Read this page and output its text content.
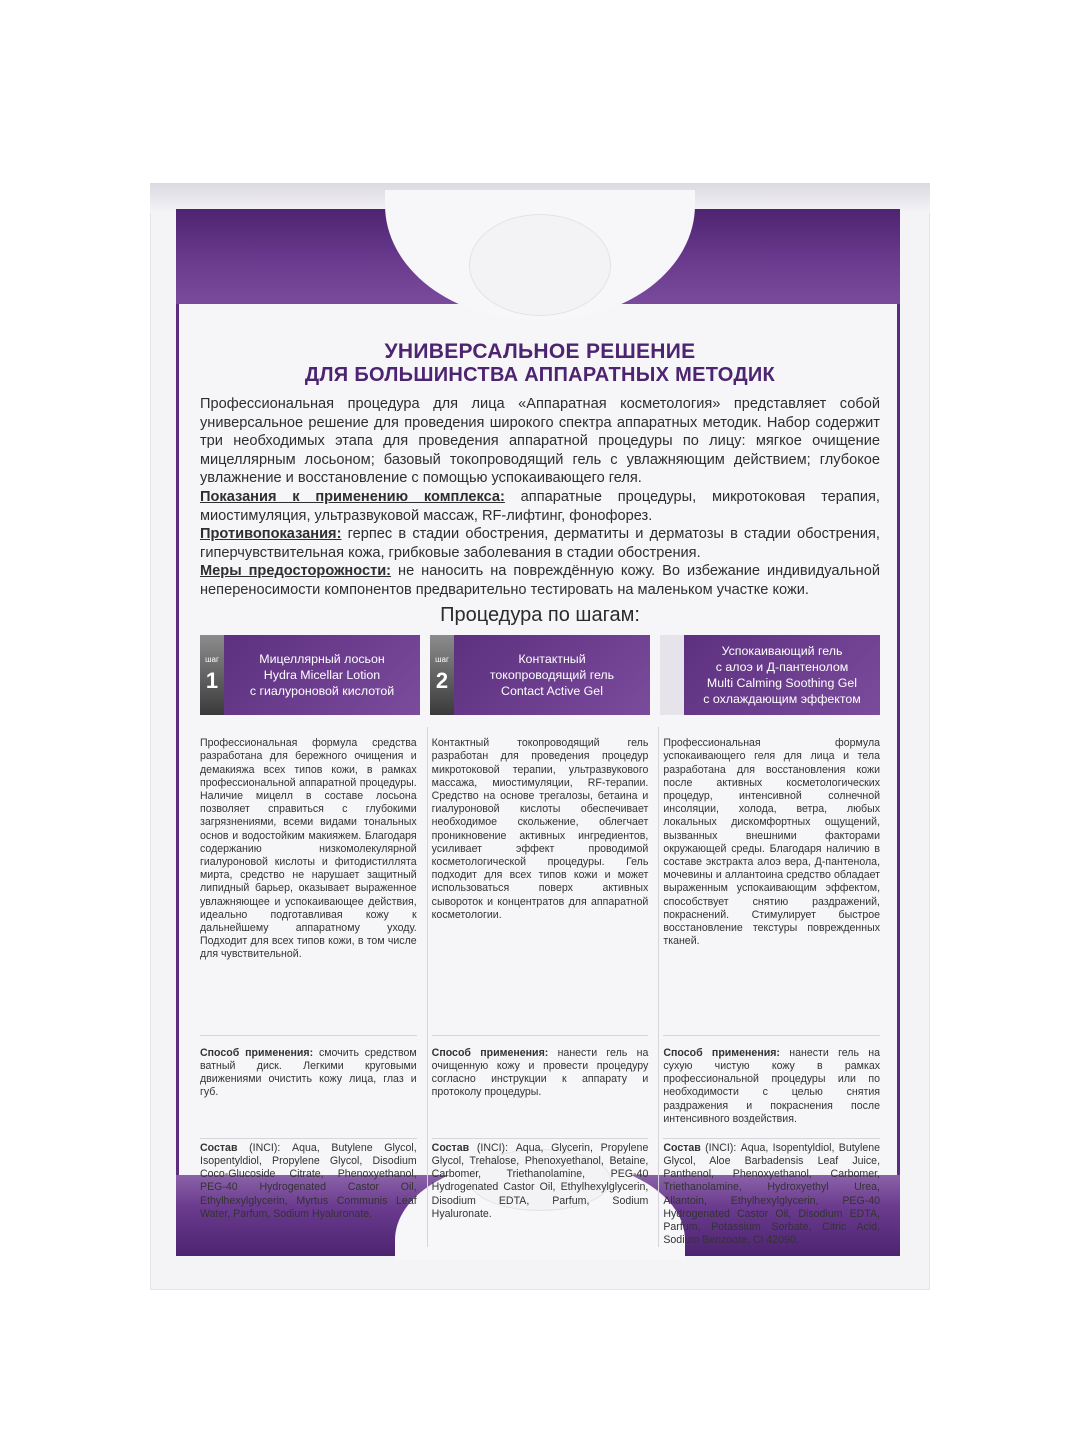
УНИВЕРСАЛЬНОЕ РЕШЕНИЕ

ДЛЯ БОЛЬШИНСТВА АППАРАТНЫХ МЕТОДИК

Профессиональная процедура для лица «Аппаратная косметология» представляет собой универсальное решение для проведения широкого спектра аппаратных методик. Набор содержит три необходимых этапа для проведения аппаратной процедуры по лицу: мягкое очищение мицеллярным лосьоном; базовый токопроводящий гель с увлажняющим действием; глубокое увлажнение и восстановление с помощью успокаивающего геля.

Показания к применению комплекса: аппаратные процедуры, микротоковая терапия, миостимуляция, ультразвуковой массаж, RF-лифтинг, фонофорез.

Противопоказания: герпес в стадии обострения, дерматиты и дерматозы в стадии обострения, гиперчувствительная кожа, грибковые заболевания в стадии обострения.

Меры предосторожности: не наносить на повреждённую кожу. Во избежание индивидуальной непереносимости компонентов предварительно тестировать на маленьком участке кожи.

Процедура по шагам:

шаг
1
Мицеллярный лосьон
Hydra Micellar Lotion
с гиалуроновой кислотой
шаг
2
Контактный
токопроводящий гель
Contact Active Gel
Успокаивающий гель
с алоэ и Д-пантенолом
Multi Calming Soothing Gel
с охлаждающим эффектом

Профессиональная формула средства разработана для бережного очищения и демакияжа всех типов кожи, в рамках профессиональной аппаратной процедуры. Наличие мицелл в составе лосьона позволяет справиться с глубокими загрязнениями, всеми видами тональных основ и водостойким макияжем. Благодаря содержанию низкомолекулярной гиалуроновой кислоты и фитодистиллята мирта, средство не нарушает защитный липидный барьер, оказывает выраженное увлажняющее и успокаивающее действия, идеально подготавливая кожу к дальнейшему аппаратному уходу. Подходит для всех типов кожи, в том числе для чувствительной.

Способ применения: смочить средством ватный диск. Легкими круговыми движениями очистить кожу лица, глаз и губ.

Состав (INCI): Aqua, Butylene Glycol, Isopentyldiol, Propylene Glycol, Disodium Coco-Glucoside Citrate, Phenoxyethanol, PEG-40 Hydrogenated Castor Oil, Ethylhexylglycerin, Myrtus Communis Leaf Water, Parfum, Sodium Hyaluronate.

Контактный токопроводящий гель разработан для проведения процедур микротоковой терапии, ультразвукового массажа, миостимуляции, RF-терапии. Средство на основе трегалозы, бетаина и гиалуроновой кислоты обеспечивает необходимое скольжение, облегчает проникновение активных ингредиентов, усиливает эффект проводимой косметологической процедуры. Гель подходит для всех типов кожи и может использоваться поверх активных сывороток и концентратов для аппаратной косметологии.

Способ применения: нанести гель на очищенную кожу и провести процедуру согласно инструкции к аппарату и протоколу процедуры.

Состав (INCI): Aqua, Glycerin, Propylene Glycol, Trehalose, Phenoxyethanol, Betaine, Carbomer, Triethanolamine, PEG-40 Hydrogenated Castor Oil, Ethylhexylglycerin, Disodium EDTA, Parfum, Sodium Hyaluronate.

Профессиональная формула успокаивающего геля для лица и тела разработана для восстановления кожи после активных косметологических процедур, интенсивной солнечной инсоляции, холода, ветра, любых локальных дискомфортных ощущений, вызванных внешними факторами окружающей среды. Благодаря наличию в составе экстракта алоэ вера, Д-пантенола, мочевины и аллантоина средство обладает выраженным успокаивающим эффектом, способствует снятию раздражений, покраснений. Стимулирует быстрое восстановление текстуры поврежденных тканей.

Способ применения: нанести гель на сухую чистую кожу в рамках профессиональной процедуры или по необходимости с целью снятия раздражения и покраснения после интенсивного воздействия.

Состав (INCI): Aqua, Isopentyldiol, Butylene Glycol, Aloe Barbadensis Leaf Juice, Panthenol, Phenoxyethanol, Carbomer, Triethanolamine, Hydroxyethyl Urea, Allantoin, Ethylhexylglycerin, PEG-40 Hydrogenated Castor Oil, Disodium EDTA, Parfum, Potassium Sorbate, Citric Acid, Sodium Benzoate, CI 42090.
